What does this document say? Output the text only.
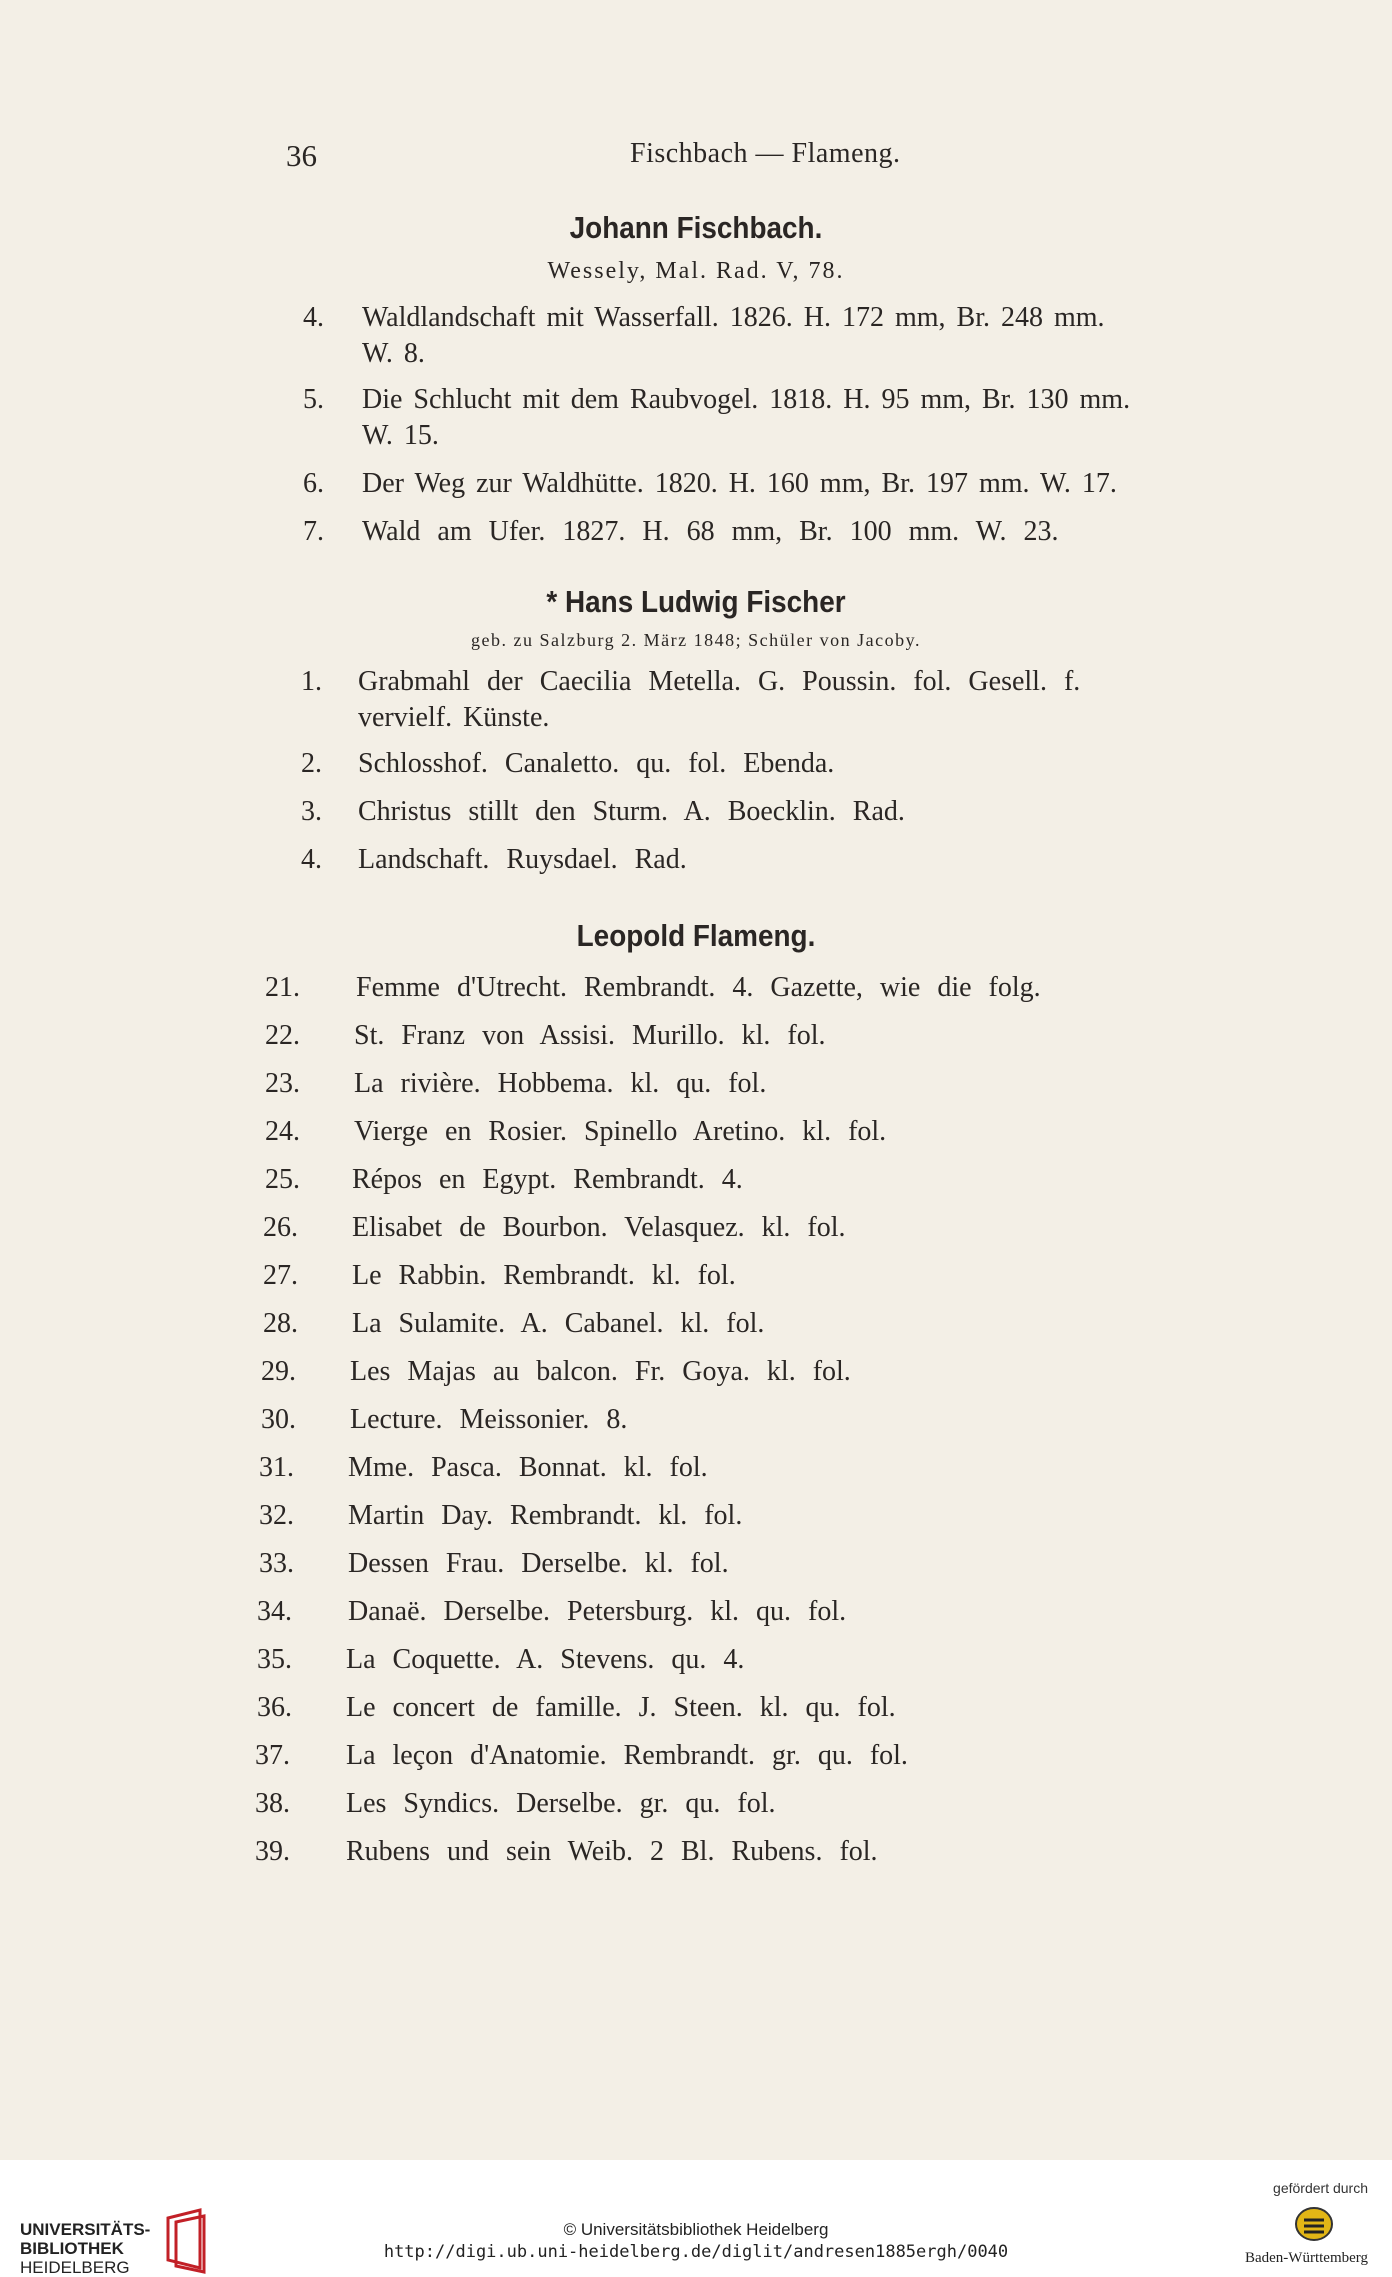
36	Fischbach — Flameng.
Johann Fischbach.
Wessely, Mal. Rad. V, 78.
4. Waldlandschaft mit Wasserfall. 1826. H. 172 mm, Br. 248 mm.
W. 8.
5. Die Schlucht mit dem Raubvogel. 1818. H. 95 mm, Br. 130 mm.
W. 15.
6. Der Weg zur Waldhütte. 1820. H. 160 mm, Br. 197 mm. W. 17.
7. Wald am Ufer. 1827. H. 68 mm, Br. 100 mm. W. 23.
* Hans Ludwig Fischer
geb. zu Salzburg 2. März 1848; Schüler von Jacoby.
1. Grabmahl der Caecilia Metella. G. Poussin. fol. Gesell. f.
vervielf. Künste.
2. Schlosshof. Canaletto. qu. fol. Ebenda.
3. Christus stillt den Sturm. A. Boecklin. Rad.
4. Landschaft. Ruysdael. Rad.
Leopold Flameng.
21. Femme d'Utrecht. Rembrandt. 4. Gazette, wie die folg.
22. St. Franz von Assisi. Murillo. kl. fol.
23. La rivière. Hobbema. kl. qu. fol.
24. Vierge en Rosier. Spinello Aretino. kl. fol.
25. Répos en Egypt. Rembrandt. 4.
26. Elisabet de Bourbon. Velasquez. kl. fol.
27. Le Rabbin. Rembrandt. kl. fol.
28. La Sulamite. A. Cabanel. kl. fol.
29. Les Majas au balcon. Fr. Goya. kl. fol.
30. Lecture. Meissonier. 8.
31. Mme. Pasca. Bonnat. kl. fol.
32. Martin Day. Rembrandt. kl. fol.
33. Dessen Frau. Derselbe. kl. fol.
34. Danaë. Derselbe. Petersburg. kl. qu. fol.
35. La Coquette. A. Stevens. qu. 4.
36. Le concert de famille. J. Steen. kl. qu. fol.
37. La leçon d'Anatomie. Rembrandt. gr. qu. fol.
38. Les Syndics. Derselbe. gr. qu. fol.
39. Rubens und sein Weib. 2 Bl. Rubens. fol.
UNIVERSITÄTS-
BIBLIOTHEK
HEIDELBERG
© Universitätsbibliothek Heidelberg
http://digi.ub.uni-heidelberg.de/diglit/andresen1885ergh/0040
gefördert durch
Baden-Württemberg
